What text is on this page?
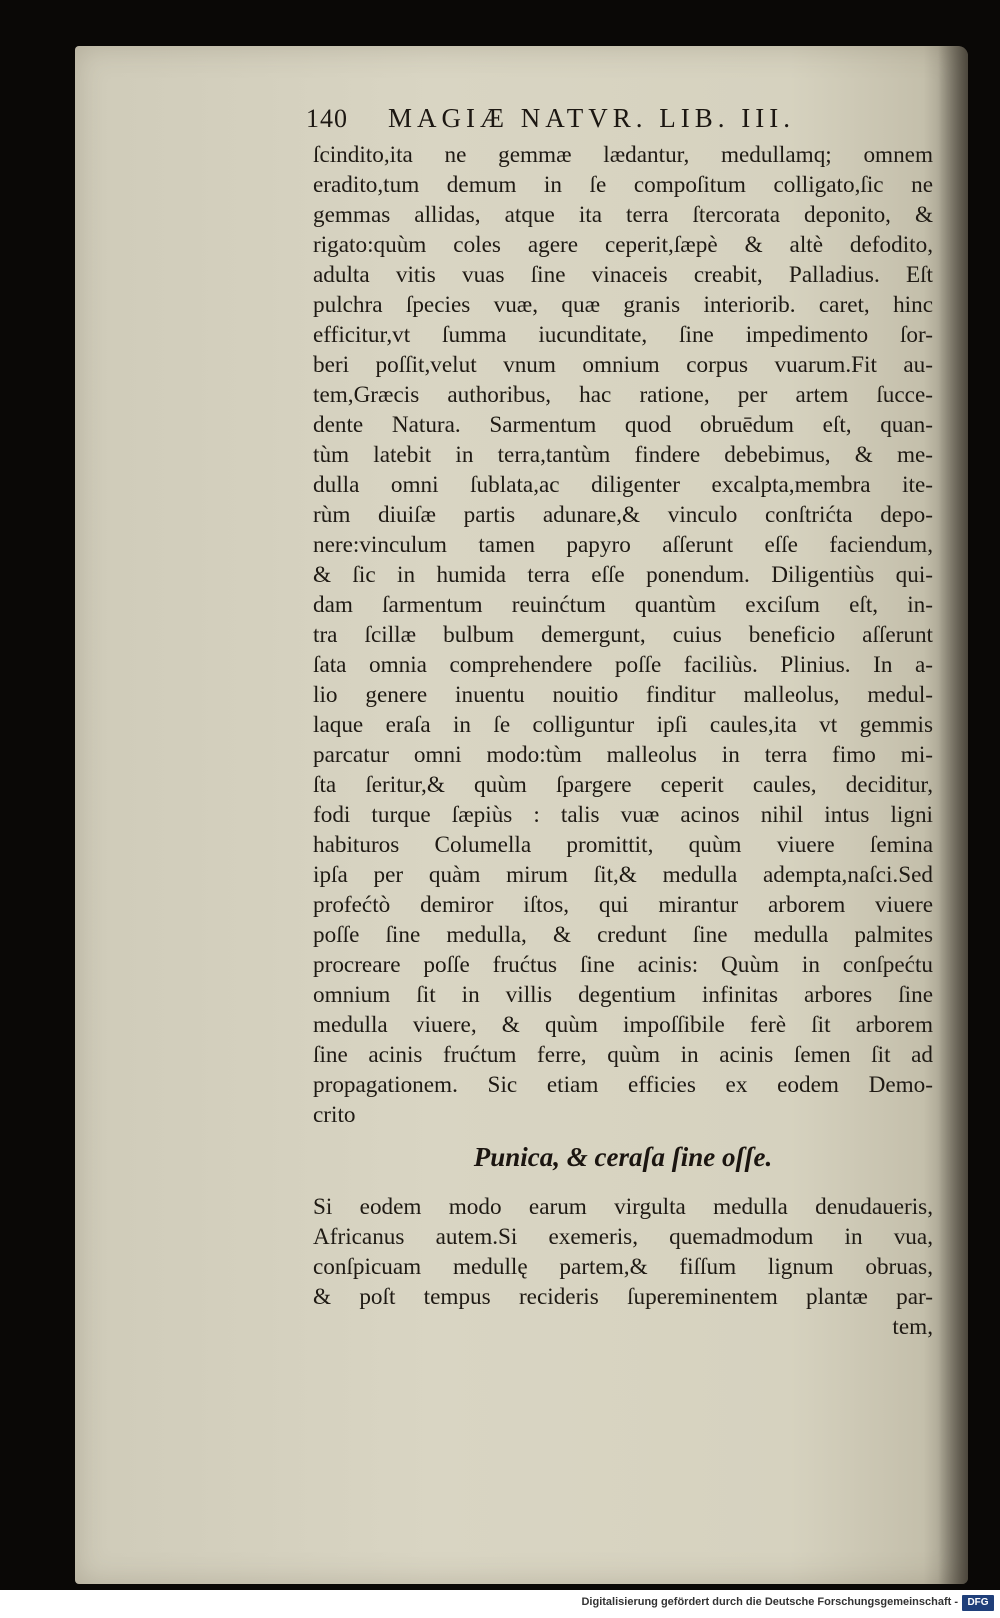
140 MAGIÆ NATVR. LIB. III.
ſcindito,ita ne gemmæ lædantur, medullamq; omnem
eradito,tum demum in ſe compoſitum colligato,ſic ne
gemmas allidas, atque ita terra ſtercorata deponito, &
rigato:quùm coles agere ceperit,ſæpè & altè defodito,
adulta vitis vuas ſine vinaceis creabit, Palladius. Eſt
pulchra ſpecies vuæ, quæ granis interiorib. caret, hinc
efficitur,vt ſumma iucunditate, ſine impedimento ſor-
beri poſſit,velut vnum omnium corpus vuarum.Fit au-
tem,Græcis authoribus, hac ratione, per artem ſucce-
dente Natura. Sarmentum quod obruēdum eſt, quan-
tùm latebit in terra,tantùm findere debebimus, & me-
dulla omni ſublata,ac diligenter excalpta,membra ite-
rùm diuiſæ partis adunare,& vinculo conſtrićta depo-
nere:vinculum tamen papyro aſſerunt eſſe faciendum,
& ſic in humida terra eſſe ponendum. Diligentiùs qui-
dam ſarmentum reuinćtum quantùm exciſum eſt, in-
tra ſcillæ bulbum demergunt, cuius beneficio aſſerunt
ſata omnia comprehendere poſſe faciliùs. Plinius. In a-
lio genere inuentu nouitio finditur malleolus, medul-
laque eraſa in ſe colliguntur ipſi caules,ita vt gemmis
parcatur omni modo:tùm malleolus in terra fimo mi-
ſta ſeritur,& quùm ſpargere ceperit caules, deciditur,
fodi turque ſæpiùs : talis vuæ acinos nihil intus ligni
habituros Columella promittit, quùm viuere ſemina
ipſa per quàm mirum ſit,& medulla adempta,naſci.Sed
profećtò demiror iſtos, qui mirantur arborem viuere
poſſe ſine medulla, & credunt ſine medulla palmites
procreare poſſe frućtus ſine acinis: Quùm in conſpećtu
omnium ſit in villis degentium infinitas arbores ſine
medulla viuere, & quùm impoſſibile ferè ſit arborem
ſine acinis frućtum ferre, quùm in acinis ſemen ſit ad
propagationem. Sic etiam efficies ex eodem Demo-
crito
Punica, & ceraſa ſine oſſe.
Si eodem modo earum virgulta medulla denudaueris,
Africanus autem.Si exemeris, quemadmodum in vua,
conſpicuam medullę partem,& fiſſum lignum obruas,
& poſt tempus recideris ſupereminentem plantæ par-
tem,
Digitalisierung gefördert durch die Deutsche Forschungsgemeinschaft - DFG
